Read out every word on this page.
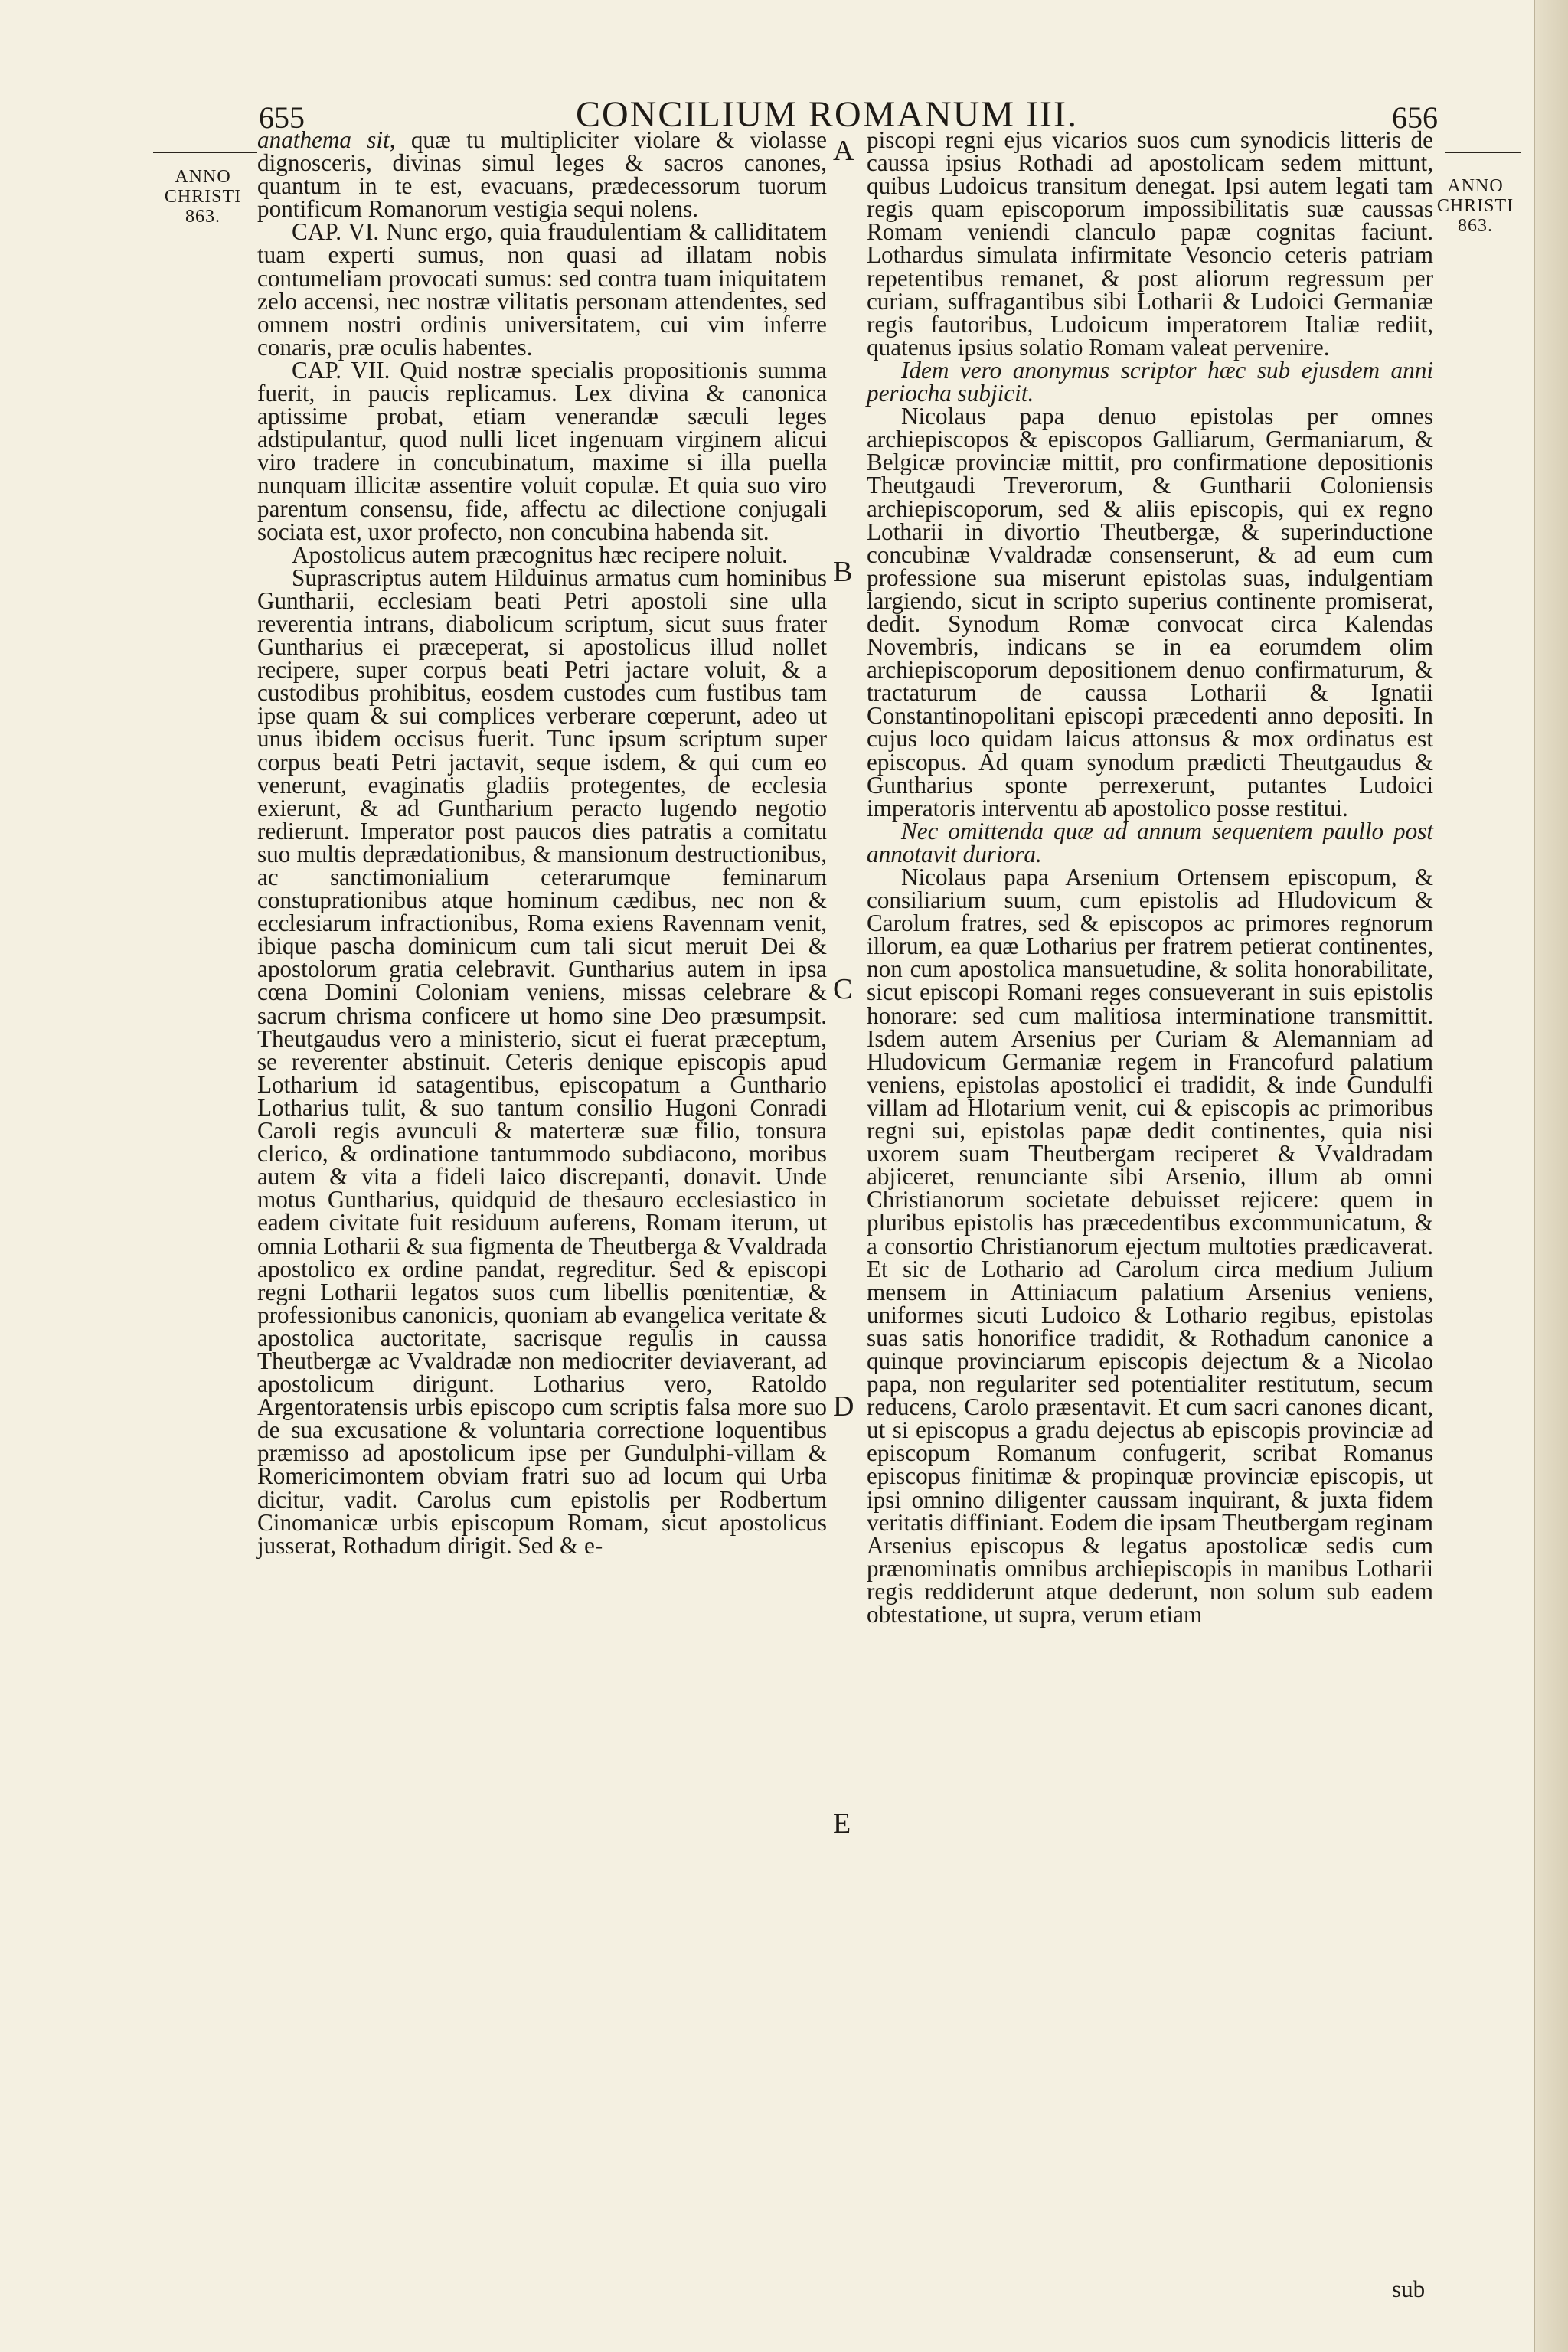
655	CONCILIUM ROMANUM III.	656
ANNO CHRISTI 863.
ANNO CHRISTI 863.
A
B
C
D
E

anathema sit, quæ tu multipliciter violare & violasse dignosceris, divinas simul leges & sacros canones, quantum in te est, evacuans, prædecessorum tuorum pontificum Romanorum vestigia sequi nolens.

CAP. VI. Nunc ergo, quia fraudulentiam & calliditatem tuam experti sumus, non quasi ad illatam nobis contumeliam provocati sumus: sed contra tuam iniquitatem zelo accensi, nec nostræ vilitatis personam attendentes, sed omnem nostri ordinis universitatem, cui vim inferre conaris, præ oculis habentes.

CAP. VII. Quid nostræ specialis propositionis summa fuerit, in paucis replicamus. Lex divina & canonica aptissime probat, etiam venerandæ sæculi leges adstipulantur, quod nulli licet ingenuam virginem alicui viro tradere in concubinatum, maxime si illa puella nunquam illicitæ assentire voluit copulæ. Et quia suo viro parentum consensu, fide, affectu ac dilectione conjugali sociata est, uxor profecto, non concubina habenda sit.

Apostolicus autem præcognitus hæc recipere noluit.

Suprascriptus autem Hilduinus armatus cum hominibus Guntharii, ecclesiam beati Petri apostoli sine ulla reverentia intrans, diabolicum scriptum, sicut suus frater Guntharius ei præceperat, si apostolicus illud nollet recipere, super corpus beati Petri jactare voluit, & a custodibus prohibitus, eosdem custodes cum fustibus tam ipse quam & sui complices verberare cœperunt, adeo ut unus ibidem occisus fuerit. Tunc ipsum scriptum super corpus beati Petri jactavit, seque isdem, & qui cum eo venerunt, evaginatis gladiis protegentes, de ecclesia exierunt, & ad Guntharium peracto lugendo negotio redierunt. Imperator post paucos dies patratis a comitatu suo multis deprædationibus, & mansionum destructionibus, ac sanctimonialium ceterarumque feminarum constuprationibus atque hominum cædibus, nec non & ecclesiarum infractionibus, Roma exiens Ravennam venit, ibique pascha dominicum cum tali sicut meruit Dei & apostolorum gratia celebravit. Guntharius autem in ipsa cœna Domini Coloniam veniens, missas celebrare & sacrum chrisma conficere ut homo sine Deo præsumpsit. Theutgaudus vero a ministerio, sicut ei fuerat præceptum, se reverenter abstinuit. Ceteris denique episcopis apud Lotharium id satagentibus, episcopatum a Gunthario Lotharius tulit, & suo tantum consilio Hugoni Conradi Caroli regis avunculi & materteræ suæ filio, tonsura clerico, & ordinatione tantummodo subdiacono, moribus autem & vita a fideli laico discrepanti, donavit. Unde motus Guntharius, quidquid de thesauro ecclesiastico in eadem civitate fuit residuum auferens, Romam iterum, ut omnia Lotharii & sua figmenta de Theutberga & Vvaldrada apostolico ex ordine pandat, regreditur. Sed & episcopi regni Lotharii legatos suos cum libellis pœnitentiæ, & professionibus canonicis, quoniam ab evangelica veritate & apostolica auctoritate, sacrisque regulis in caussa Theutbergæ ac Vvaldradæ non mediocriter deviaverant, ad apostolicum dirigunt. Lotharius vero, Ratoldo Argentoratensis urbis episcopo cum scriptis falsa more suo de sua excusatione & voluntaria correctione loquentibus præmisso ad apostolicum ipse per Gundulphi-villam & Romericimontem obviam fratri suo ad locum qui Urba dicitur, vadit. Carolus cum epistolis per Rodbertum Cinomanicæ urbis episcopum Romam, sicut apostolicus jusserat, Rothadum dirigit. Sed & e-

piscopi regni ejus vicarios suos cum synodicis litteris de caussa ipsius Rothadi ad apostolicam sedem mittunt, quibus Ludoicus transitum denegat. Ipsi autem legati tam regis quam episcoporum impossibilitatis suæ caussas Romam veniendi clanculo papæ cognitas faciunt. Lothardus simulata infirmitate Vesoncio ceteris patriam repetentibus remanet, & post aliorum regressum per curiam, suffragantibus sibi Lotharii & Ludoici Germaniæ regis fautoribus, Ludoicum imperatorem Italiæ rediit, quatenus ipsius solatio Romam valeat pervenire.

Idem vero anonymus scriptor hæc sub ejusdem anni periocha subjicit.

Nicolaus papa denuo epistolas per omnes archiepiscopos & episcopos Galliarum, Germaniarum, & Belgicæ provinciæ mittit, pro confirmatione depositionis Theutgaudi Treverorum, & Guntharii Coloniensis archiepiscoporum, sed & aliis episcopis, qui ex regno Lotharii in divortio Theutbergæ, & superinductione concubinæ Vvaldradæ consenserunt, & ad eum cum professione sua miserunt epistolas suas, indulgentiam largiendo, sicut in scripto superius continente promiserat, dedit. Synodum Romæ convocat circa Kalendas Novembris, indicans se in ea eorumdem olim archiepiscoporum depositionem denuo confirmaturum, & tractaturum de caussa Lotharii & Ignatii Constantinopolitani episcopi præcedenti anno depositi. In cujus loco quidam laicus attonsus & mox ordinatus est episcopus. Ad quam synodum prædicti Theutgaudus & Guntharius sponte perrexerunt, putantes Ludoici imperatoris interventu ab apostolico posse restitui.

Nec omittenda quæ ad annum sequentem paullo post annotavit duriora.

Nicolaus papa Arsenium Ortensem episcopum, & consiliarium suum, cum epistolis ad Hludovicum & Carolum fratres, sed & episcopos ac primores regnorum illorum, ea quæ Lotharius per fratrem petierat continentes, non cum apostolica mansuetudine, & solita honorabilitate, sicut episcopi Romani reges consueverant in suis epistolis honorare: sed cum malitiosa interminatione transmittit. Isdem autem Arsenius per Curiam & Alemanniam ad Hludovicum Germaniæ regem in Francofurd palatium veniens, epistolas apostolici ei tradidit, & inde Gundulfi villam ad Hlotarium venit, cui & episcopis ac primoribus regni sui, epistolas papæ dedit continentes, quia nisi uxorem suam Theutbergam reciperet & Vvaldradam abjiceret, renunciante sibi Arsenio, illum ab omni Christianorum societate debuisset rejicere: quem in pluribus epistolis has præcedentibus excommunicatum, & a consortio Christianorum ejectum multoties prædicaverat. Et sic de Lothario ad Carolum circa medium Julium mensem in Attiniacum palatium Arsenius veniens, uniformes sicuti Ludoico & Lothario regibus, epistolas suas satis honorifice tradidit, & Rothadum canonice a quinque provinciarum episcopis dejectum & a Nicolao papa, non regulariter sed potentialiter restitutum, secum reducens, Carolo præsentavit. Et cum sacri canones dicant, ut si episcopus a gradu dejectus ab episcopis provinciæ ad episcopum Romanum confugerit, scribat Romanus episcopus finitimæ & propinquæ provinciæ episcopis, ut ipsi omnino diligenter caussam inquirant, & juxta fidem veritatis diffiniant. Eodem die ipsam Theutbergam reginam Arsenius episcopus & legatus apostolicæ sedis cum prænominatis omnibus archiepiscopis in manibus Lotharii regis reddiderunt atque dederunt, non solum sub eadem obtestatione, ut supra, verum etiam

sub
